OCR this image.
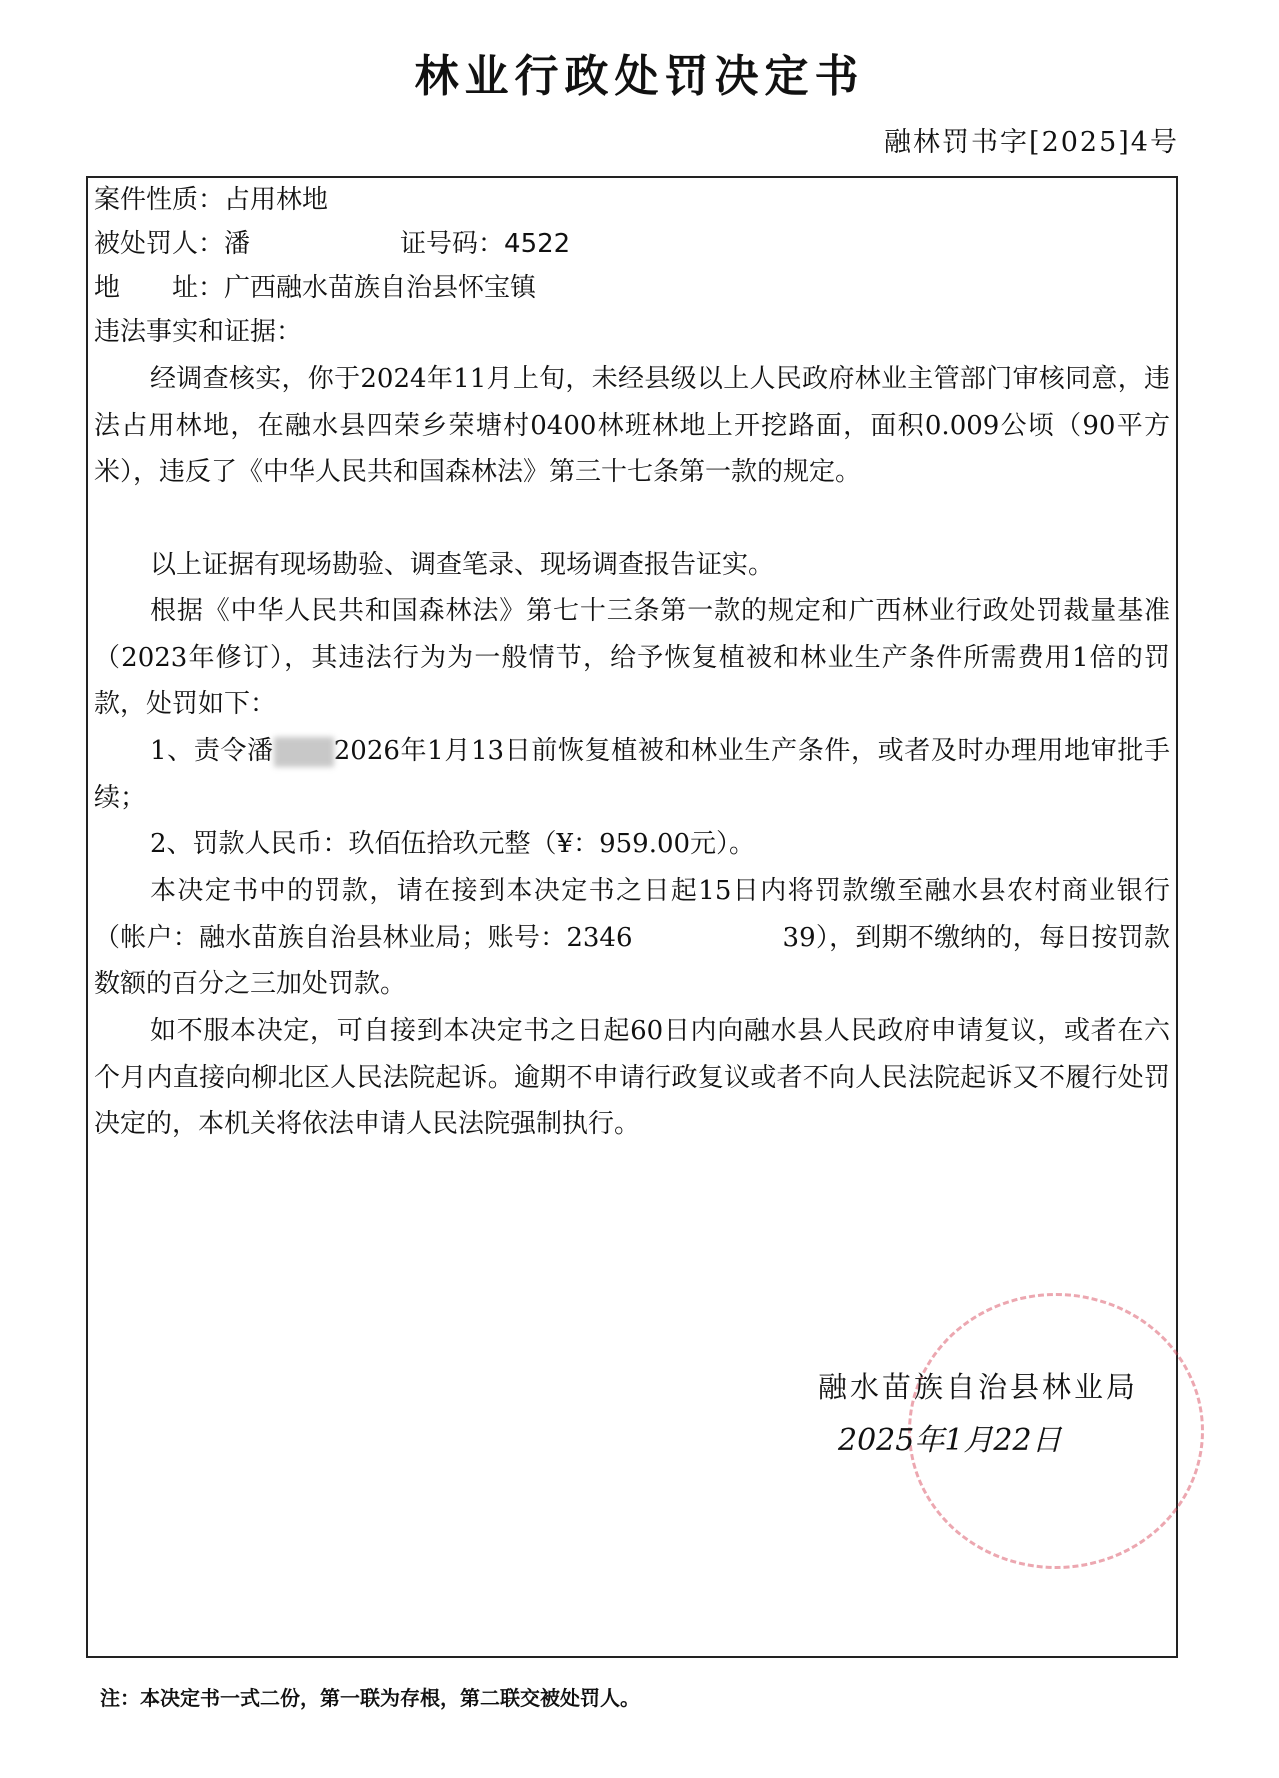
林业行政处罚决定书
融林罚书字[2025]4号
案件性质：占用林地
被处罚人：潘	证号码：4522
地　　址：广西融水苗族自治县怀宝镇
违法事实和证据：
经调查核实，你于2024年11月上旬，未经县级以上人民政府林业主管部门审核同意，违法占用林地，在融水县四荣乡荣塘村0400林班林地上开挖路面，面积0.009公顷（90平方米），违反了《中华人民共和国森林法》第三十七条第一款的规定。
以上证据有现场勘验、调查笔录、现场调查报告证实。
根据《中华人民共和国森林法》第七十三条第一款的规定和广西林业行政处罚裁量基准（2023年修订），其违法行为为一般情节，给予恢复植被和林业生产条件所需费用1倍的罚款，处罚如下：
1、责令潘 2026年1月13日前恢复植被和林业生产条件，或者及时办理用地审批手续；
2、罚款人民币：玖佰伍拾玖元整（¥：959.00元）。
本决定书中的罚款，请在接到本决定书之日起15日内将罚款缴至融水县农村商业银行（帐户：融水苗族自治县林业局；账号：2346	39），到期不缴纳的，每日按罚款数额的百分之三加处罚款。
如不服本决定，可自接到本决定书之日起60日内向融水县人民政府申请复议，或者在六个月内直接向柳北区人民法院起诉。逾期不申请行政复议或者不向人民法院起诉又不履行处罚决定的，本机关将依法申请人民法院强制执行。
融水苗族自治县林业局
2025年1月22日
注：本决定书一式二份，第一联为存根，第二联交被处罚人。
